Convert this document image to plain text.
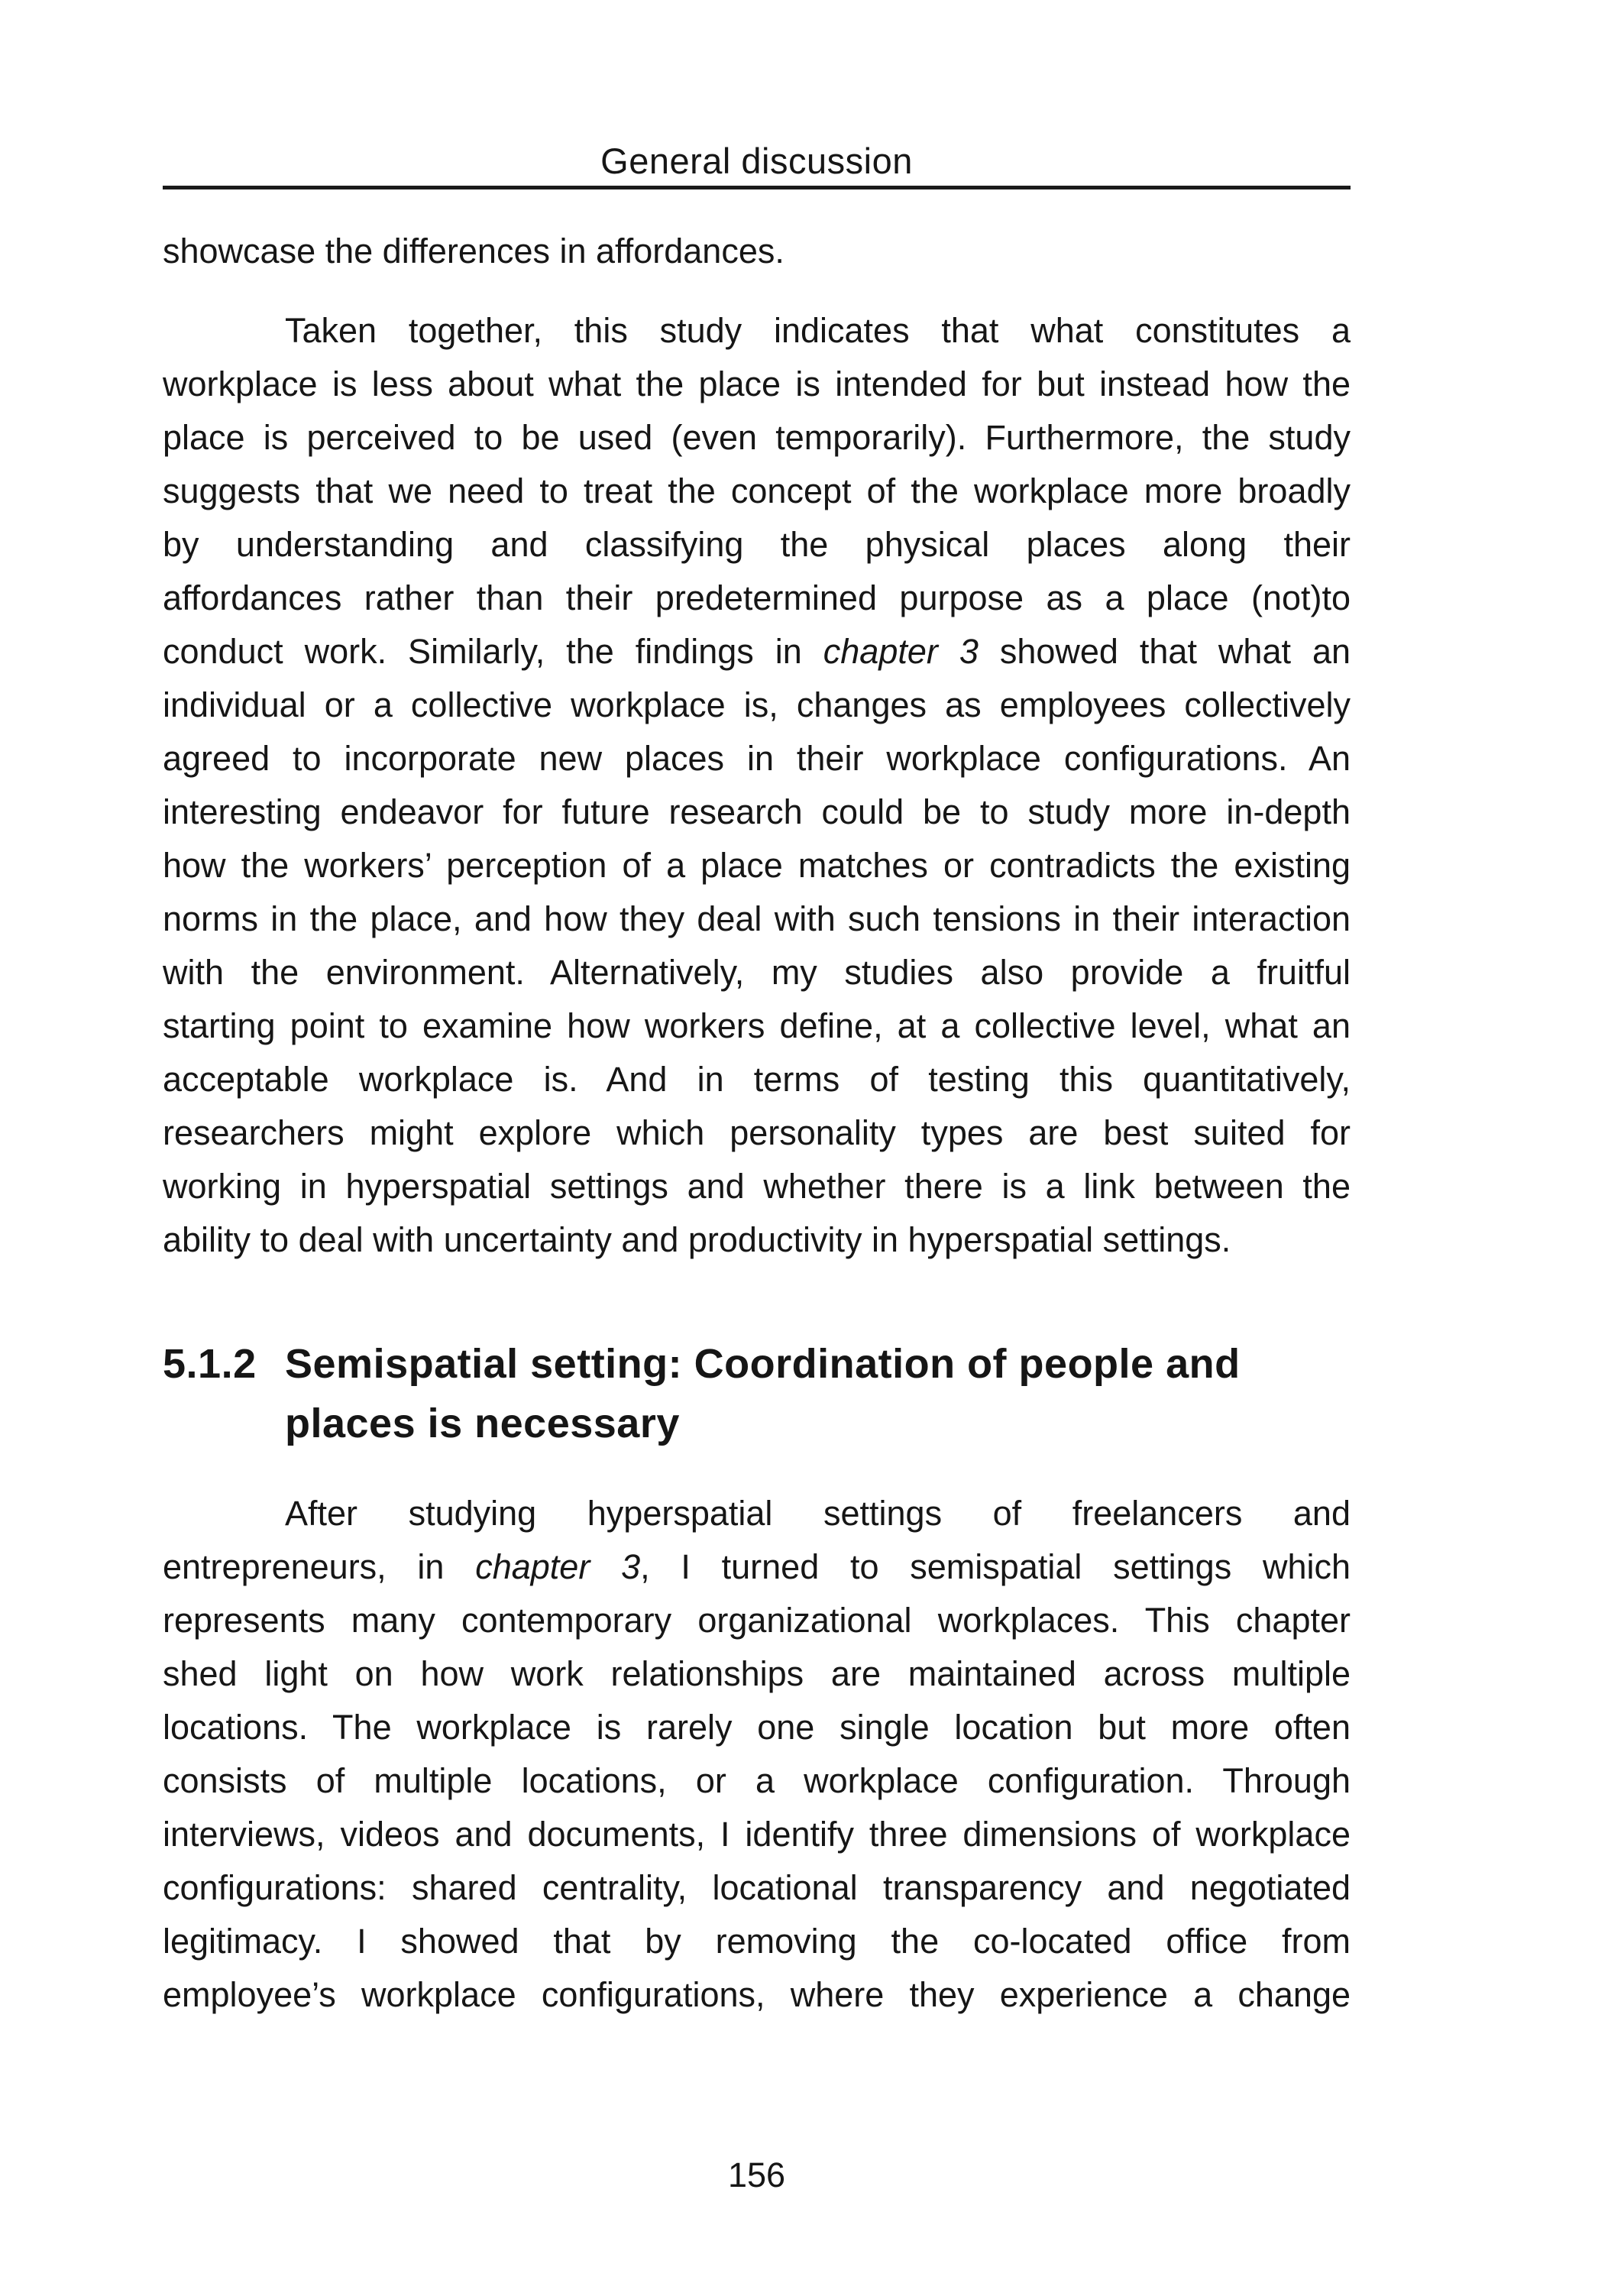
General discussion
showcase the differences in affordances.
Taken together, this study indicates that what constitutes a
workplace is less about what the place is intended for but instead how the
place is perceived to be used (even temporarily). Furthermore, the study
suggests that we need to treat the concept of the workplace more broadly
by understanding and classifying the physical places along their
affordances rather than their predetermined purpose as a place (not)to
conduct work. Similarly, the findings in chapter 3 showed that what an
individual or a collective workplace is, changes as employees collectively
agreed to incorporate new places in their workplace configurations. An
interesting endeavor for future research could be to study more in-depth
how the workers’ perception of a place matches or contradicts the existing
norms in the place, and how they deal with such tensions in their interaction
with the environment. Alternatively, my studies also provide a fruitful
starting point to examine how workers define, at a collective level, what an
acceptable workplace is. And in terms of testing this quantitatively,
researchers might explore which personality types are best suited for
working in hyperspatial settings and whether there is a link between the
ability to deal with uncertainty and productivity in hyperspatial settings.
5.1.2 Semispatial setting: Coordination of people and
places is necessary
After studying hyperspatial settings of freelancers and
entrepreneurs, in chapter 3, I turned to semispatial settings which
represents many contemporary organizational workplaces. This chapter
shed light on how work relationships are maintained across multiple
locations. The workplace is rarely one single location but more often
consists of multiple locations, or a workplace configuration. Through
interviews, videos and documents, I identify three dimensions of workplace
configurations: shared centrality, locational transparency and negotiated
legitimacy. I showed that by removing the co-located office from
employee’s workplace configurations, where they experience a change
156
